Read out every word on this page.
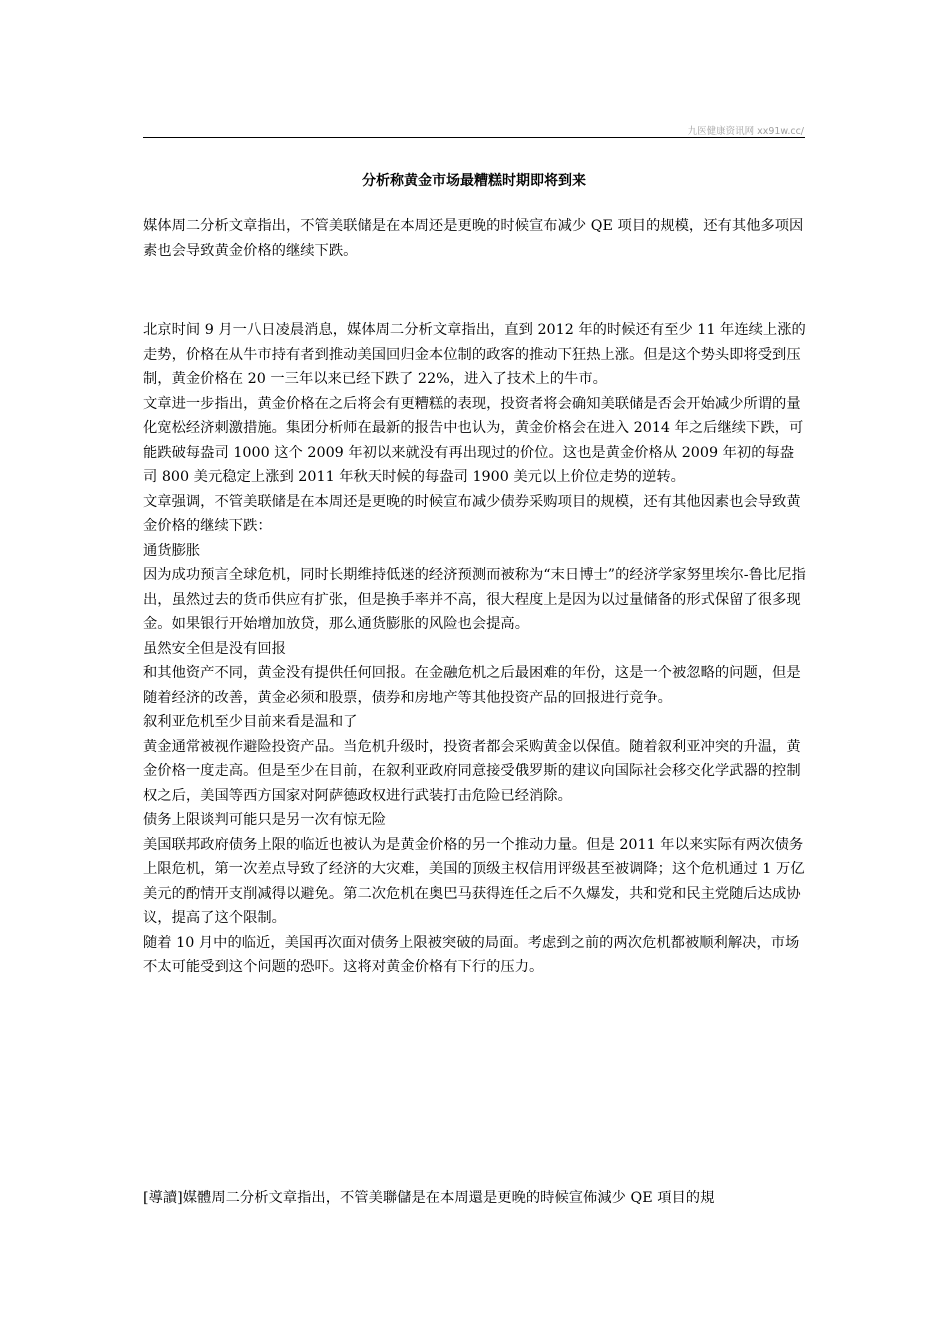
九医健康资讯网 xx91w.cc/
分析称黄金市场最糟糕时期即将到来

媒体周二分析文章指出，不管美联储是在本周还是更晚的时候宣布减少 QE 项目的规模，还有其他多项因素也会导致黄金价格的继续下跌。

北京时间 9 月一八日凌晨消息，媒体周二分析文章指出，直到 2012 年的时候还有至少 11 年连续上涨的走势，价格在从牛市持有者到推动美国回归金本位制的政客的推动下狂热上涨。但是这个势头即将受到压制，黄金价格在 20 一三年以来已经下跌了 22%，进入了技术上的牛市。

文章进一步指出，黄金价格在之后将会有更糟糕的表现，投资者将会确知美联储是否会开始减少所谓的量化宽松经济刺激措施。集团分析师在最新的报告中也认为，黄金价格会在进入 2014 年之后继续下跌，可能跌破每盎司 1000 这个 2009 年初以来就没有再出现过的价位。这也是黄金价格从 2009 年初的每盎司 800 美元稳定上涨到 2011 年秋天时候的每盎司 1900 美元以上价位走势的逆转。

文章强调，不管美联储是在本周还是更晚的时候宣布减少债券采购项目的规模，还有其他因素也会导致黄金价格的继续下跌：

通货膨胀

因为成功预言全球危机，同时长期维持低迷的经济预测而被称为“末日博士”的经济学家努里埃尔-鲁比尼指出，虽然过去的货币供应有扩张，但是换手率并不高，很大程度上是因为以过量储备的形式保留了很多现金。如果银行开始增加放贷，那么通货膨胀的风险也会提高。

虽然安全但是没有回报

和其他资产不同，黄金没有提供任何回报。在金融危机之后最困难的年份，这是一个被忽略的问题，但是随着经济的改善，黄金必须和股票，债券和房地产等其他投资产品的回报进行竞争。

叙利亚危机至少目前来看是温和了

黄金通常被视作避险投资产品。当危机升级时，投资者都会采购黄金以保值。随着叙利亚冲突的升温，黄金价格一度走高。但是至少在目前，在叙利亚政府同意接受俄罗斯的建议向国际社会移交化学武器的控制权之后，美国等西方国家对阿萨德政权进行武装打击危险已经消除。

债务上限谈判可能只是另一次有惊无险

美国联邦政府债务上限的临近也被认为是黄金价格的另一个推动力量。但是 2011 年以来实际有两次债务上限危机，第一次差点导致了经济的大灾难，美国的顶级主权信用评级甚至被调降；这个危机通过 1 万亿美元的酌情开支削减得以避免。第二次危机在奥巴马获得连任之后不久爆发，共和党和民主党随后达成协议，提高了这个限制。

随着 10 月中的临近，美国再次面对债务上限被突破的局面。考虑到之前的两次危机都被顺利解决，市场不太可能受到这个问题的恐吓。这将对黄金价格有下行的压力。

[導讀]媒體周二分析文章指出，不管美聯儲是在本周還是更晚的時候宣佈減少 QE 項目的規
